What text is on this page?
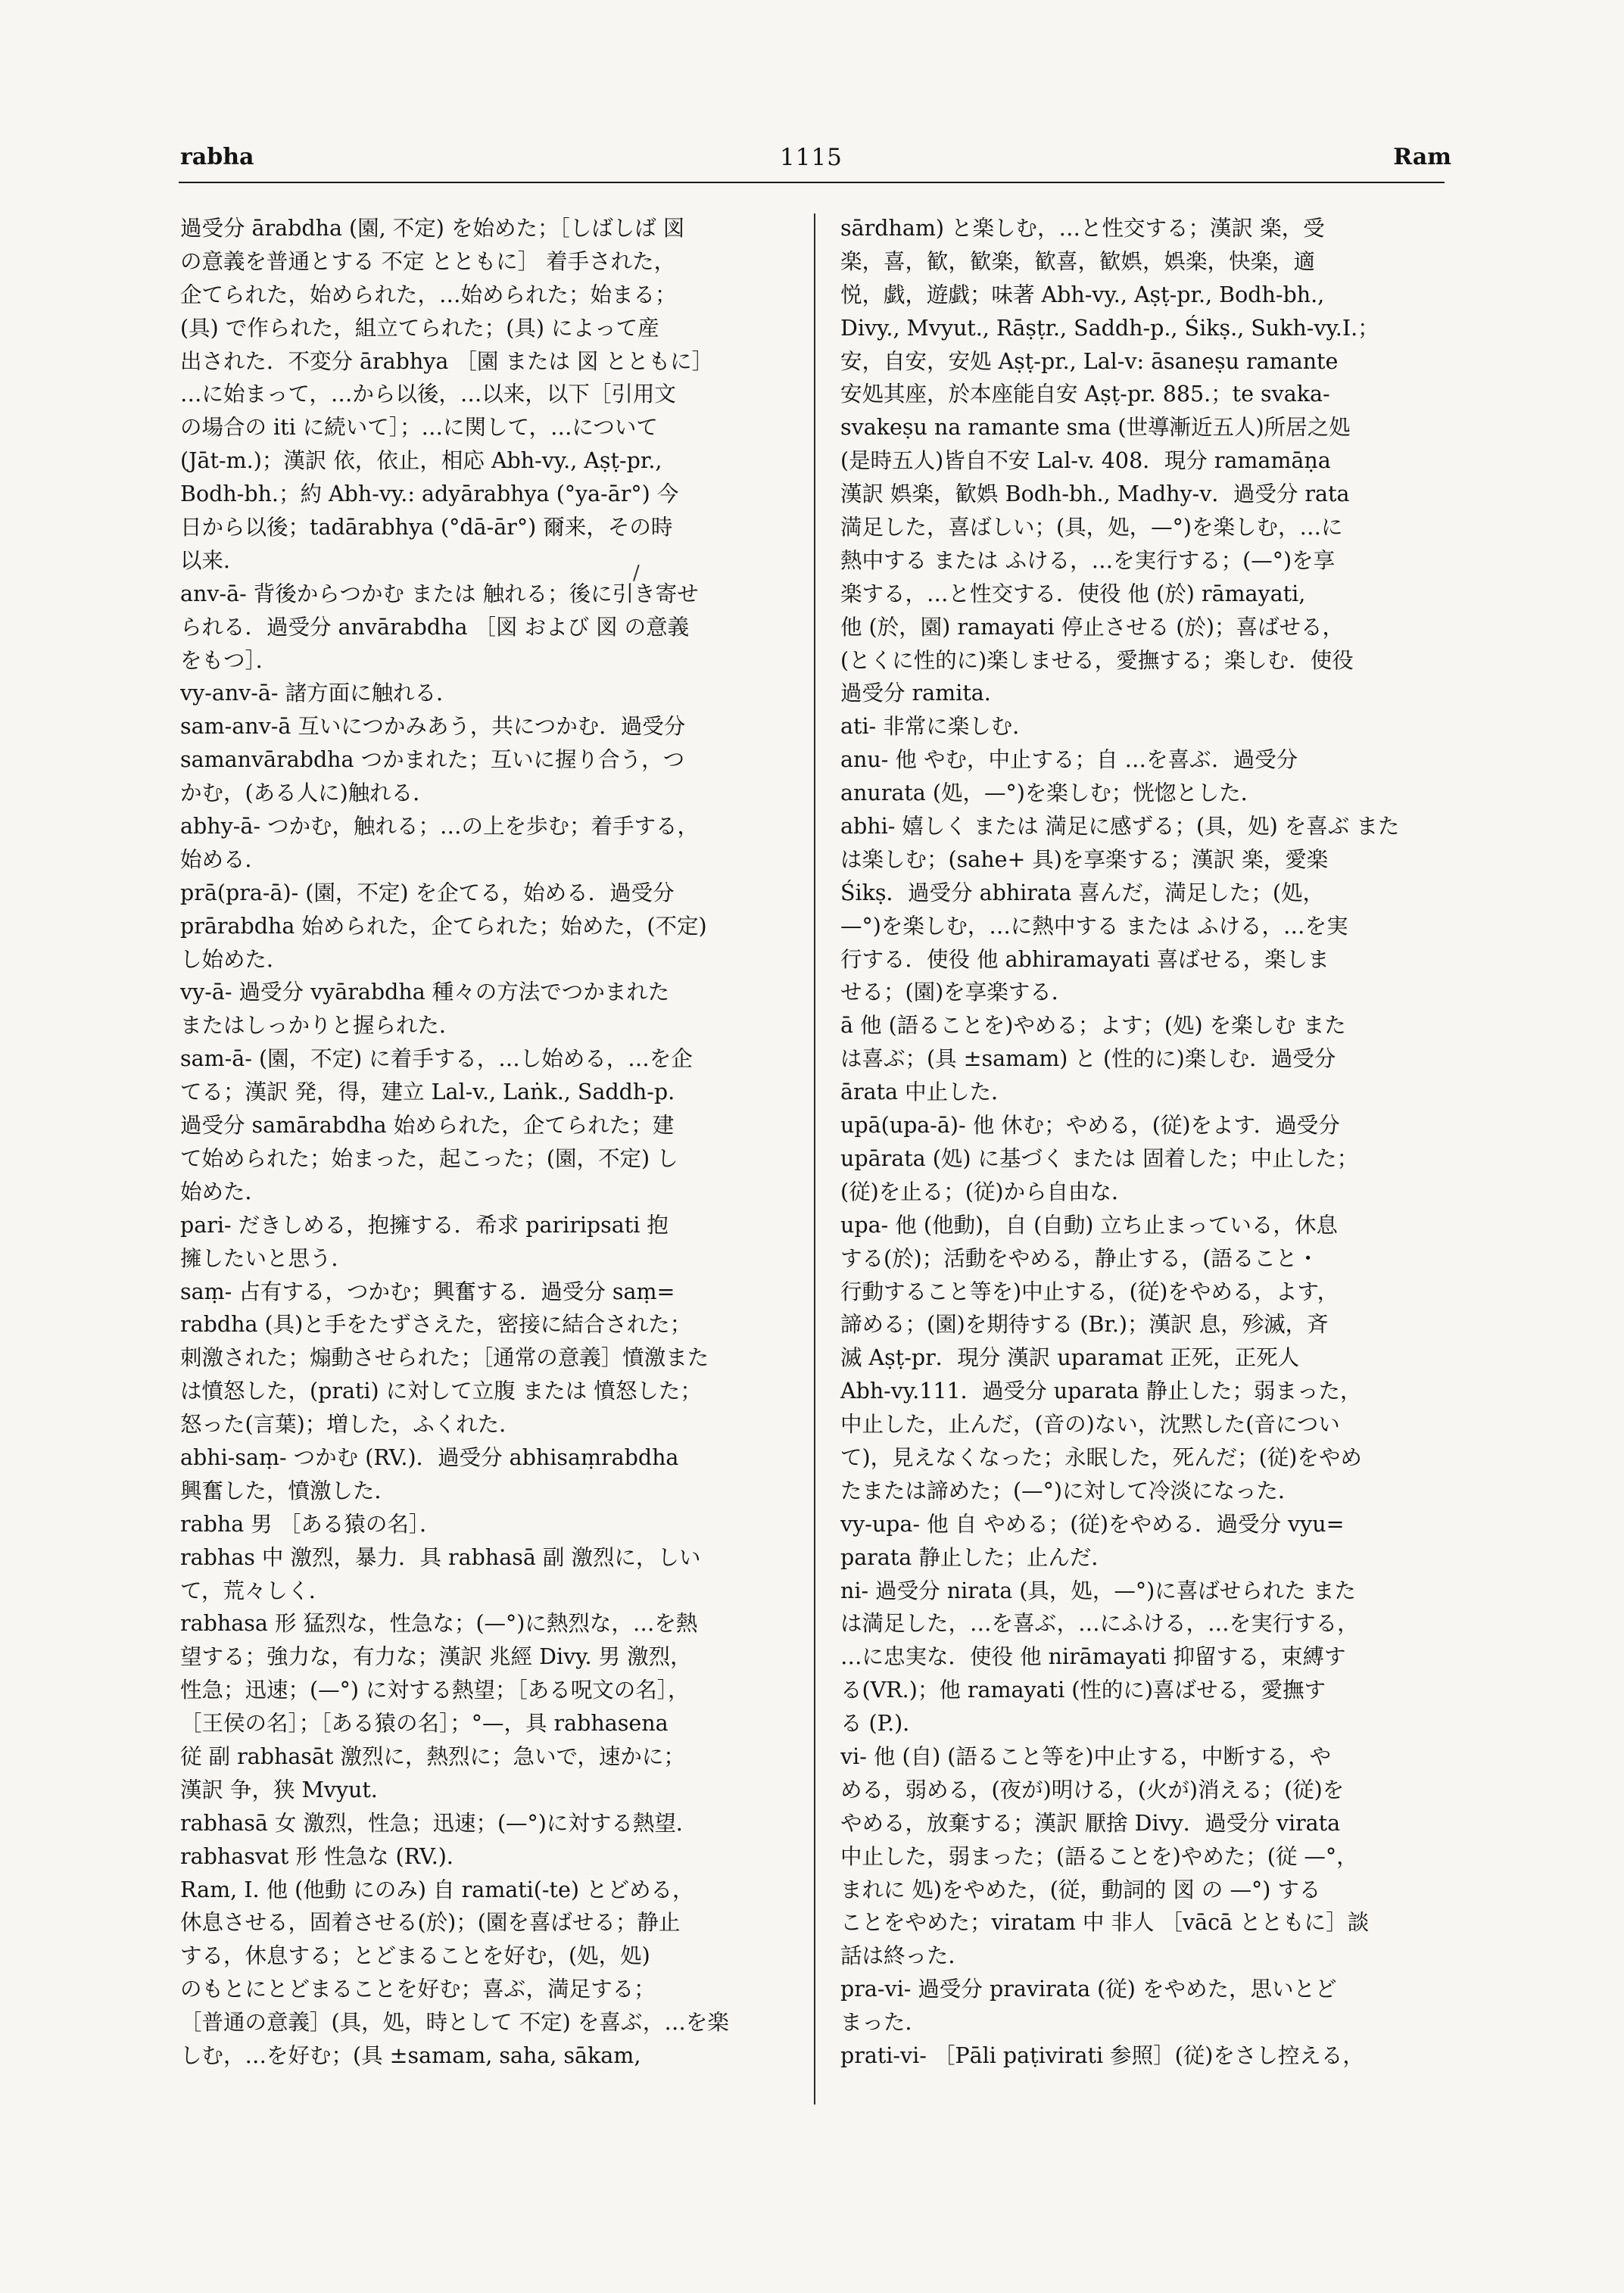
rabha	1115	Ram
過受分 ārabdha (園, 不定) を始めた；［しばしば 図
の意義を普通とする 不定 とともに］ 着手された，
企てられた，始められた，…始められた；始まる；
(具) で作られた，組立てられた；(具) によって産
出された．不変分 ārabhya ［園 または 図 とともに］
…に始まって，…から以後，…以来，以下［引用文
の場合の iti に続いて］；…に関して，…について
(Jāt-m.)；漢訳 依，依止，相応 Abh-vy., Aṣṭ-pr.,
Bodh-bh.；約 Abh-vy.: adyārabhya (°ya-ār°) 今
日から以後；tadārabhya (°dā-ār°) 爾来，その時
以来．
anv-ā- 背後からつかむ または 触れる；後に引き寄せ
られる．過受分 anvārabdha ［図 および 図 の意義
をもつ］．
vy-anv-ā- 諸方面に触れる．
sam-anv-ā 互いにつかみあう，共につかむ．過受分
samanvārabdha つかまれた；互いに握り合う，つ
かむ，(ある人に)触れる．
abhy-ā- つかむ，触れる；…の上を歩む；着手する，
始める．
prā(pra-ā)- (園，不定) を企てる，始める．過受分
prārabdha 始められた，企てられた；始めた，(不定)
し始めた．
vy-ā- 過受分 vyārabdha 種々の方法でつかまれた
またはしっかりと握られた．
sam-ā- (園，不定) に着手する，…し始める，…を企
てる；漢訳 発，得，建立 Lal-v., Laṅk., Saddh-p.
過受分 samārabdha 始められた，企てられた；建
て始められた；始まった，起こった；(園，不定) し
始めた．
pari- だきしめる，抱擁する．希求 pariripsati 抱
擁したいと思う．
saṃ- 占有する，つかむ；興奮する．過受分 saṃ=
rabdha (具)と手をたずさえた，密接に結合された；
刺激された；煽動させられた；［通常の意義］憤激また
は憤怒した，(prati) に対して立腹 または 憤怒した；
怒った(言葉)；増した，ふくれた．
abhi-saṃ- つかむ (RV.)．過受分 abhisaṃrabdha
興奮した，憤激した．
rabha 男 ［ある猿の名］．
rabhas 中 激烈，暴力．具 rabhasā 副 激烈に，しい
て，荒々しく．
rabhasa 形 猛烈な，性急な；(—°)に熱烈な，…を熱
望する；強力な，有力な；漢訳 兆經 Divy. 男 激烈，
性急；迅速；(—°) に対する熱望；［ある呪文の名］，
［王侯の名］；［ある猿の名］；°—，具 rabhasena
従 副 rabhasāt 激烈に，熱烈に；急いで，速かに；
漢訳 争，狭 Mvyut.
rabhasā 女 激烈，性急；迅速；(—°)に対する熱望．
rabhasvat 形 性急な (RV.)．
Ram, I. 他 (他動 にのみ) 自 ramati(-te) とどめる，
休息させる，固着させる(於)；(園を喜ばせる；静止
する，休息する；とどまることを好む，(処，処)
のもとにとどまることを好む；喜ぶ，満足する；
［普通の意義］(具，処，時として 不定) を喜ぶ，…を楽
しむ，…を好む；(具 ±samam, saha, sākam,
sārdham) と楽しむ，…と性交する；漢訳 楽，受
楽，喜，歓，歓楽，歓喜，歓娯，娯楽，快楽，適
悦，戯，遊戯；味著 Abh-vy., Aṣṭ-pr., Bodh-bh.,
Divy., Mvyut., Rāṣṭr., Saddh-p., Śikṣ., Sukh-vy.I.；
安，自安，安処 Aṣṭ-pr., Lal-v: āsaneṣu ramante
安処其座，於本座能自安 Aṣṭ-pr. 885.；te svaka-
svakeṣu na ramante sma (世導漸近五人)所居之処
(是時五人)皆自不安 Lal-v. 408．現分 ramamāṇa
漢訳 娯楽，歓娯 Bodh-bh., Madhy-v．過受分 rata
満足した，喜ばしい；(具，処，—°)を楽しむ，…に
熱中する または ふける，…を実行する；(—°)を享
楽する，…と性交する．使役 他 (於) rāmayati,
他 (於，園) ramayati 停止させる (於)；喜ばせる，
(とくに性的に)楽しませる，愛撫する；楽しむ．使役
過受分 ramita.
ati- 非常に楽しむ．
anu- 他 やむ，中止する；自 …を喜ぶ．過受分
anurata (処，—°)を楽しむ；恍惚とした．
abhi- 嬉しく または 満足に感ずる；(具，処) を喜ぶ また
は楽しむ；(sahe+ 具)を享楽する；漢訳 楽，愛楽
Śikṣ．過受分 abhirata 喜んだ，満足した；(処，
—°)を楽しむ，…に熱中する または ふける，…を実
行する．使役 他 abhiramayati 喜ばせる，楽しま
せる；(園)を享楽する．
ā 他 (語ることを)やめる；よす；(処) を楽しむ また
は喜ぶ；(具 ±samam) と (性的に)楽しむ．過受分
ārata 中止した．
upā(upa-ā)- 他 休む；やめる，(従)をよす．過受分
upārata (処) に基づく または 固着した；中止した；
(従)を止る；(従)から自由な．
upa- 他 (他動)，自 (自動) 立ち止まっている，休息
する(於)；活動をやめる，静止する，(語ること・
行動すること等を)中止する，(従)をやめる，よす，
諦める；(園)を期待する (Br.)；漢訳 息，殄滅，斉
滅 Aṣṭ-pr．現分 漢訳 uparamat 正死，正死人
Abh-vy.111．過受分 uparata 静止した；弱まった，
中止した，止んだ，(音の)ない，沈黙した(音につい
て)，見えなくなった；永眠した，死んだ；(従)をやめ
たまたは諦めた；(—°)に対して冷淡になった．
vy-upa- 他 自 やめる；(従)をやめる．過受分 vyu=
parata 静止した；止んだ．
ni- 過受分 nirata (具，処，—°)に喜ばせられた また
は満足した，…を喜ぶ，…にふける，…を実行する，
…に忠実な．使役 他 nirāmayati 抑留する，束縛す
る(VR.)；他 ramayati (性的に)喜ばせる，愛撫す
る (P.)．
vi- 他 (自) (語ること等を)中止する，中断する，や
める，弱める，(夜が)明ける，(火が)消える；(従)を
やめる，放棄する；漢訳 厭捨 Divy．過受分 virata
中止した，弱まった；(語ることを)やめた；(従 —°，
まれに 処)をやめた，(従，動詞的 図 の —°) する
ことをやめた；viratam 中 非人 ［vācā とともに］談
話は終った．
pra-vi- 過受分 pravirata (従) をやめた，思いとど
まった．
prati-vi- ［Pāli paṭivirati 参照］(従)をさし控える，
/
